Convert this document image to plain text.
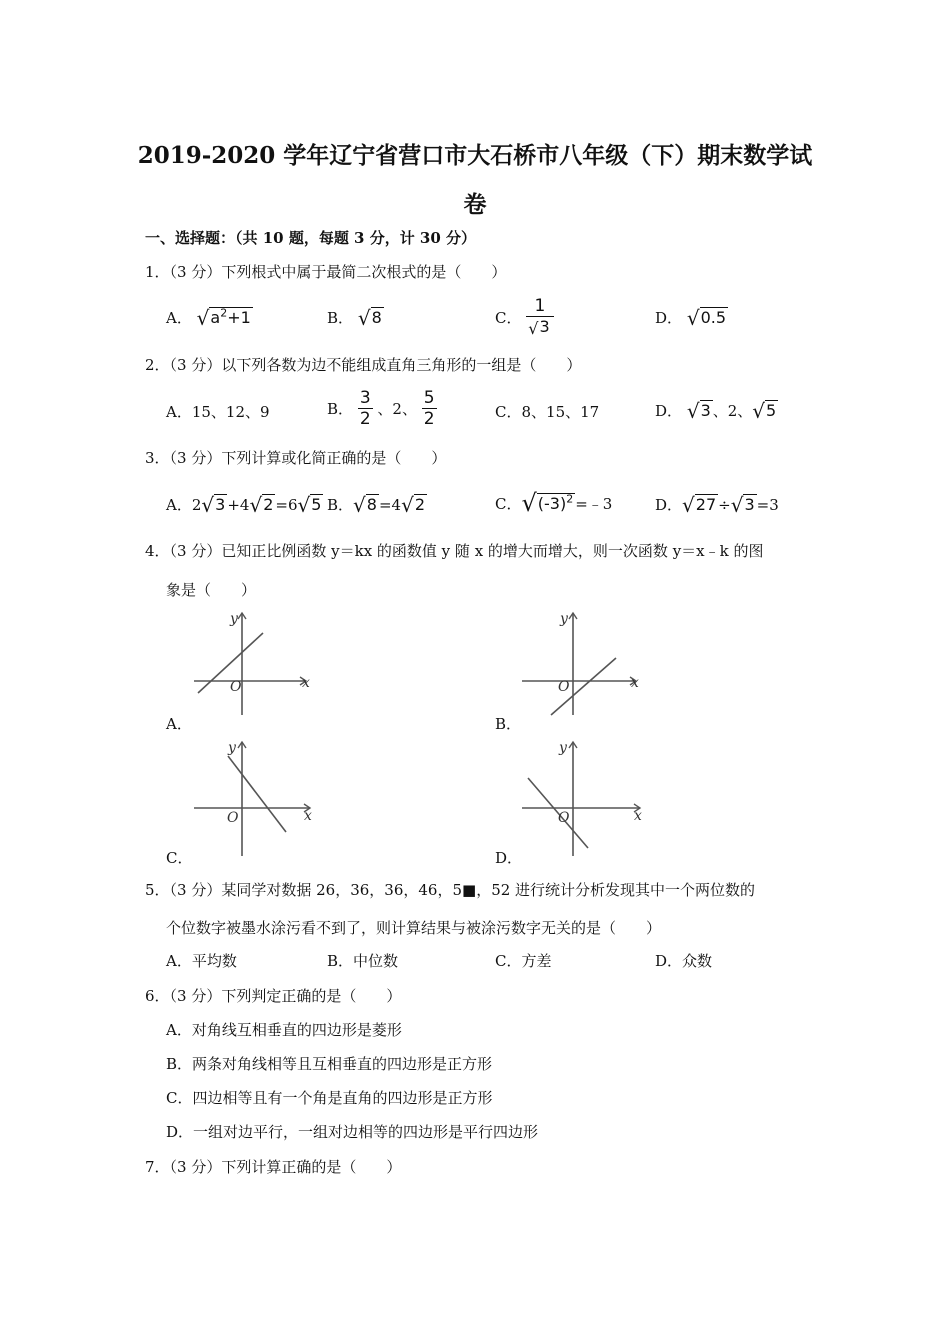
2019-2020 学年辽宁省营口市大石桥市八年级（下）期末数学试
卷
一、选择题：（共 10 题，每题 3 分，计 30 分）
1．（3 分）下列根式中属于最简二次根式的是（　　）
A． $√a^2+1$	B． √8	C． $\frac{1}{√3}$	D． √0.5
2．（3 分）以下列各数为边不能组成直角三角形的一组是（　　）
A．15、12、9	B． $\frac{3}{2}$ 、2、 $\frac{5}{2}$	C．8、15、17	D． √3 、2、√5
3．（3 分）下列计算或化简正确的是（　　）
A．2√3 +4√2 =6√5 B．√8 =4√2	C．$√(-3)^2$ =﹣3	D．√27 ÷√3 =3
4．（3 分）已知正比例函数 y＝kx 的函数值 y 随 x 的增大而增大，则一次函数 y＝x﹣k 的图
象是（　　）
y
x
O
A．
y
x
O
B．
y
x
O
C．
y
x
O
D．
5．（3 分）某同学对数据 26，36，36，46，5■，52 进行统计分析发现其中一个两位数的
个位数字被墨水涂污看不到了，则计算结果与被涂污数字无关的是（　　）
A．平均数	B．中位数	C．方差	D．众数
6．（3 分）下列判定正确的是（　　）
A．对角线互相垂直的四边形是菱形
B．两条对角线相等且互相垂直的四边形是正方形
C．四边相等且有一个角是直角的四边形是正方形
D．一组对边平行，一组对边相等的四边形是平行四边形
7．（3 分）下列计算正确的是（　　）
